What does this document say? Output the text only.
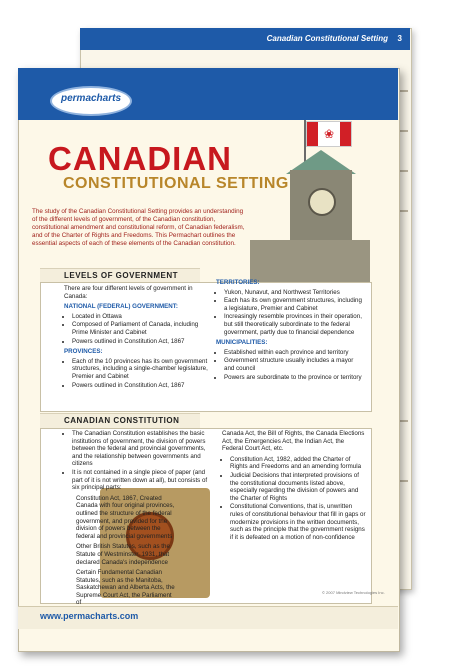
Canadian Constitutional Setting 3
permacharts
❀
CANADIAN
CONSTITUTIONAL SETTING
The study of the Canadian Constitutional Setting provides an understanding of the different levels of government, of the Canadian constitution, constitutional amendment and constitutional reform, of Canadian federalism, and of the Charter of Rights and Freedoms. This Permachart outlines the essential aspects of each of these elements of the Canadian constitution.
LEVELS OF GOVERNMENT

There are four different levels of government in Canada:

NATIONAL (FEDERAL) GOVERNMENT:
• Located in Ottawa
• Composed of Parliament of Canada, including Prime Minister and Cabinet
• Powers outlined in Constitution Act, 1867
PROVINCES:
• Each of the 10 provinces has its own government structures, including a single-chamber legislature, Premier and Cabinet
• Powers outlined in Constitution Act, 1867
TERRITORIES:
• Yukon, Nunavut, and Northwest Territories
• Each has its own government structures, including a legislature, Premier and Cabinet
• Increasingly resemble provinces in their operation, but still theoretically subordinate to the federal government, partly due to financial dependence
MUNICIPALITIES:
• Established within each province and territory
• Government structure usually includes a mayor and council
• Powers are subordinate to the province or territory
CANADIAN CONSTITUTION
• The Canadian Constitution establishes the basic institutions of government, the division of powers between the federal and provincial governments, and the relationship between governments and citizens
• It is not contained in a single piece of paper (and part of it is not written down at all), but consists of six principal parts:

Constitution Act, 1867, Created Canada with four original provinces, outlined the structure of the federal government, and provided for the division of powers between the federal and provincial governments

Other British Statutes, such as the Statute of Westminster, 1931, that declared Canada's independence

Certain Fundamental Canadian Statutes, such as the Manitoba, Saskatchewan and Alberta Acts, the Supreme Court Act, the Parliament of

Canada Act, the Bill of Rights, the Canada Elections Act, the Emergencies Act, the Indian Act, the Federal Court Act, etc.

• Constitution Act, 1982, added the Charter of Rights and Freedoms and an amending formula
• Judicial Decisions that interpreted provisions of the constitutional documents listed above, especially regarding the division of powers and the Charter of Rights
• Constitutional Conventions, that is, unwritten rules of constitutional behaviour that fill in gaps or modernize provisions in the written documents, such as the principle that the government resigns if it is defeated on a motion of non-confidence
© 2007 Mindview Technologies Inc.
www.permacharts.com
